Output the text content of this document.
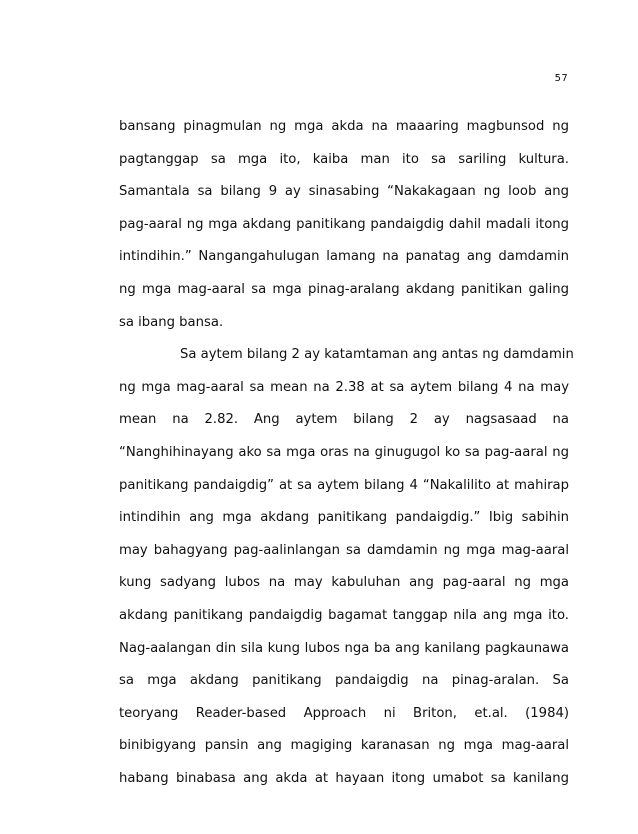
57
bansang pinagmulan ng mga akda na maaaring magbunsod ng
pagtanggap sa mga ito, kaiba man ito sa sariling kultura.
Samantala sa bilang 9 ay sinasabing “Nakakagaan ng loob ang
pag-aaral ng mga akdang panitikang pandaigdig dahil madali itong
intindihin.” Nangangahulugan lamang na panatag ang damdamin
ng mga mag-aaral sa mga pinag-aralang akdang panitikan galing
sa ibang bansa.
Sa aytem bilang 2 ay katamtaman ang antas ng damdamin
ng mga mag-aaral sa mean na 2.38 at sa aytem bilang 4 na may
mean na 2.82. Ang aytem bilang 2 ay nagsasaad na
“Nanghihinayang ako sa mga oras na ginugugol ko sa pag-aaral ng
panitikang pandaigdig” at sa aytem bilang 4 “Nakalilito at mahirap
intindihin ang mga akdang panitikang pandaigdig.” Ibig sabihin
may bahagyang pag-aalinlangan sa damdamin ng mga mag-aaral
kung sadyang lubos na may kabuluhan ang pag-aaral ng mga
akdang panitikang pandaigdig bagamat tanggap nila ang mga ito.
Nag-aalangan din sila kung lubos nga ba ang kanilang pagkaunawa
sa mga akdang panitikang pandaigdig na pinag-aralan. Sa
teoryang Reader-based Approach ni Briton, et.al. (1984)
binibigyang pansin ang magiging karanasan ng mga mag-aaral
habang binabasa ang akda at hayaan itong umabot sa kanilang
